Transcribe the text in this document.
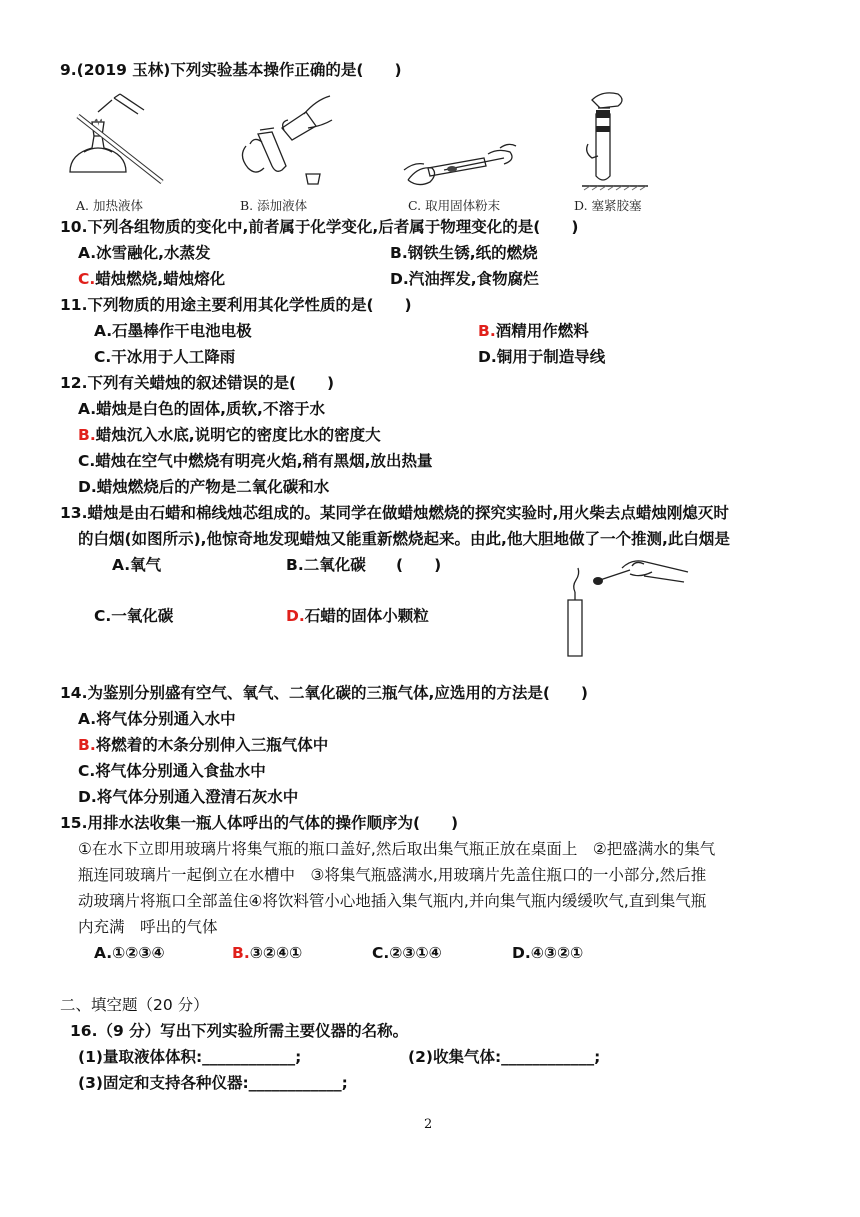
9.(2019 玉林)下列实验基本操作正确的是(　　)
A. 加热液体	B. 添加液体	C. 取用固体粉末	D. 塞紧胶塞
10.下列各组物质的变化中,前者属于化学变化,后者属于物理变化的是(　　)
A.冰雪融化,水蒸发	B.钢铁生锈,纸的燃烧
C.蜡烛燃烧,蜡烛熔化	D.汽油挥发,食物腐烂
11.下列物质的用途主要利用其化学性质的是(　　)
A.石墨棒作干电池电极	B.酒精用作燃料
C.干冰用于人工降雨	D.铜用于制造导线
12.下列有关蜡烛的叙述错误的是(　　)
A.蜡烛是白色的固体,质软,不溶于水
B.蜡烛沉入水底,说明它的密度比水的密度大
C.蜡烛在空气中燃烧有明亮火焰,稍有黑烟,放出热量
D.蜡烛燃烧后的产物是二氧化碳和水
13.蜡烛是由石蜡和棉线烛芯组成的。某同学在做蜡烛燃烧的探究实验时,用火柴去点蜡烛刚熄灭时
的白烟(如图所示),他惊奇地发现蜡烛又能重新燃烧起来。由此,他大胆地做了一个推测,此白烟是
A.氧气	B.二氧化碳 (　　)
C.一氧化碳	D.石蜡的固体小颗粒
14.为鉴别分别盛有空气、氧气、二氧化碳的三瓶气体,应选用的方法是(　　)
A.将气体分别通入水中
B.将燃着的木条分别伸入三瓶气体中
C.将气体分别通入食盐水中
D.将气体分别通入澄清石灰水中
15.用排水法收集一瓶人体呼出的气体的操作顺序为(　　)
①在水下立即用玻璃片将集气瓶的瓶口盖好,然后取出集气瓶正放在桌面上　②把盛满水的集气
瓶连同玻璃片一起倒立在水槽中　③将集气瓶盛满水,用玻璃片先盖住瓶口的一小部分,然后推
动玻璃片将瓶口全部盖住④将饮料管小心地插入集气瓶内,并向集气瓶内缓缓吹气,直到集气瓶
内充满　呼出的气体
A.①②③④	B.③②④①	C.②③①④	D.④③②①
二、填空题（20 分）
16.（9 分）写出下列实验所需主要仪器的名称。
(1)量取液体体积:____________;	(2)收集气体:____________;
(3)固定和支持各种仪器:____________;
2
